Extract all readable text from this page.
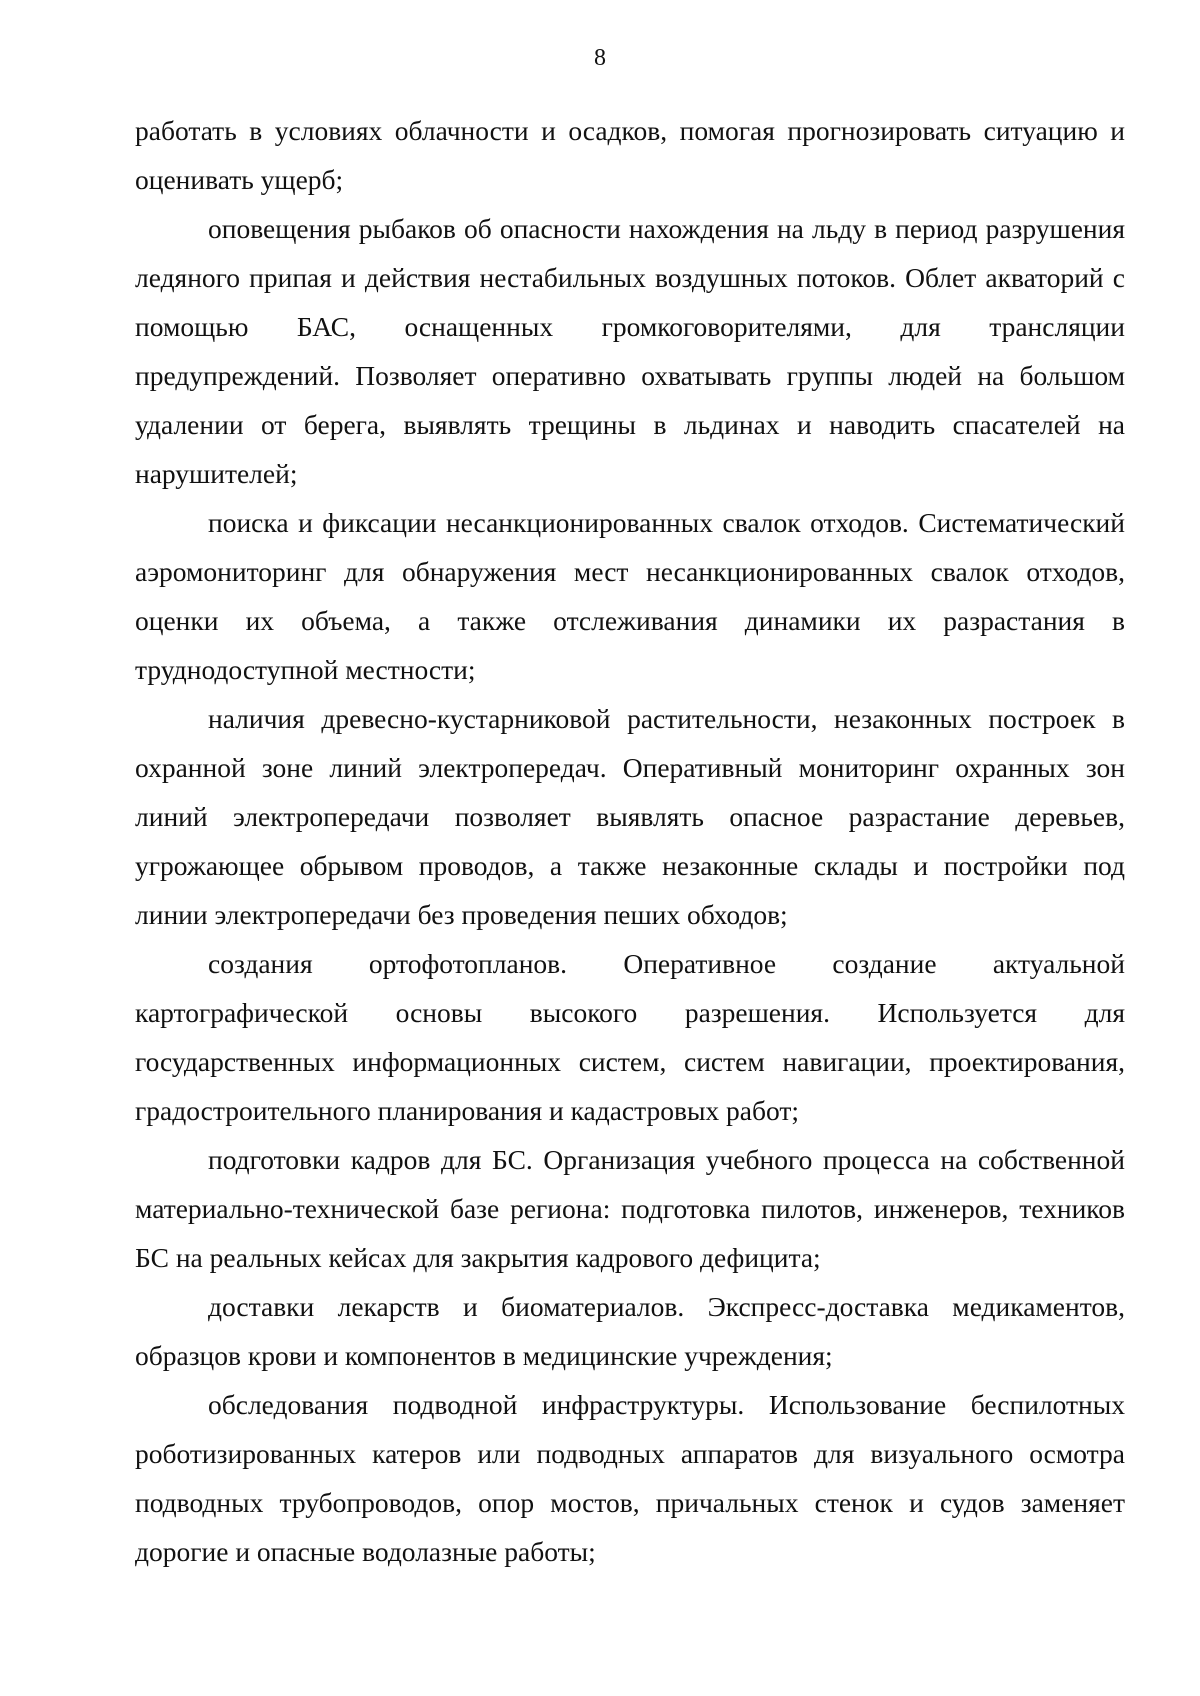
8

работать в условиях облачности и осадков, помогая прогнозировать ситуацию и оценивать ущерб;

оповещения рыбаков об опасности нахождения на льду в период разрушения ледяного припая и действия нестабильных воздушных потоков. Облет акваторий с помощью БАС, оснащенных громкоговорителями, для трансляции предупреждений. Позволяет оперативно охватывать группы людей на большом удалении от берега, выявлять трещины в льдинах и наводить спасателей на нарушителей;

поиска и фиксации несанкционированных свалок отходов. Систематический аэромониторинг для обнаружения мест несанкционированных свалок отходов, оценки их объема, а также отслеживания динамики их разрастания в труднодоступной местности;

наличия древесно-кустарниковой растительности, незаконных построек в охранной зоне линий электропередач. Оперативный мониторинг охранных зон линий электропередачи позволяет выявлять опасное разрастание деревьев, угрожающее обрывом проводов, а также незаконные склады и постройки под линии электропередачи без проведения пеших обходов;

создания ортофотопланов. Оперативное создание актуальной картографической основы высокого разрешения. Используется для государственных информационных систем, систем навигации, проектирования, градостроительного планирования и кадастровых работ;

подготовки кадров для БС. Организация учебного процесса на собственной материально-технической базе региона: подготовка пилотов, инженеров, техников БС на реальных кейсах для закрытия кадрового дефицита;

доставки лекарств и биоматериалов. Экспресс-доставка медикаментов, образцов крови и компонентов в медицинские учреждения;

обследования подводной инфраструктуры. Использование беспилотных роботизированных катеров или подводных аппаратов для визуального осмотра подводных трубопроводов, опор мостов, причальных стенок и судов заменяет дорогие и опасные водолазные работы;
